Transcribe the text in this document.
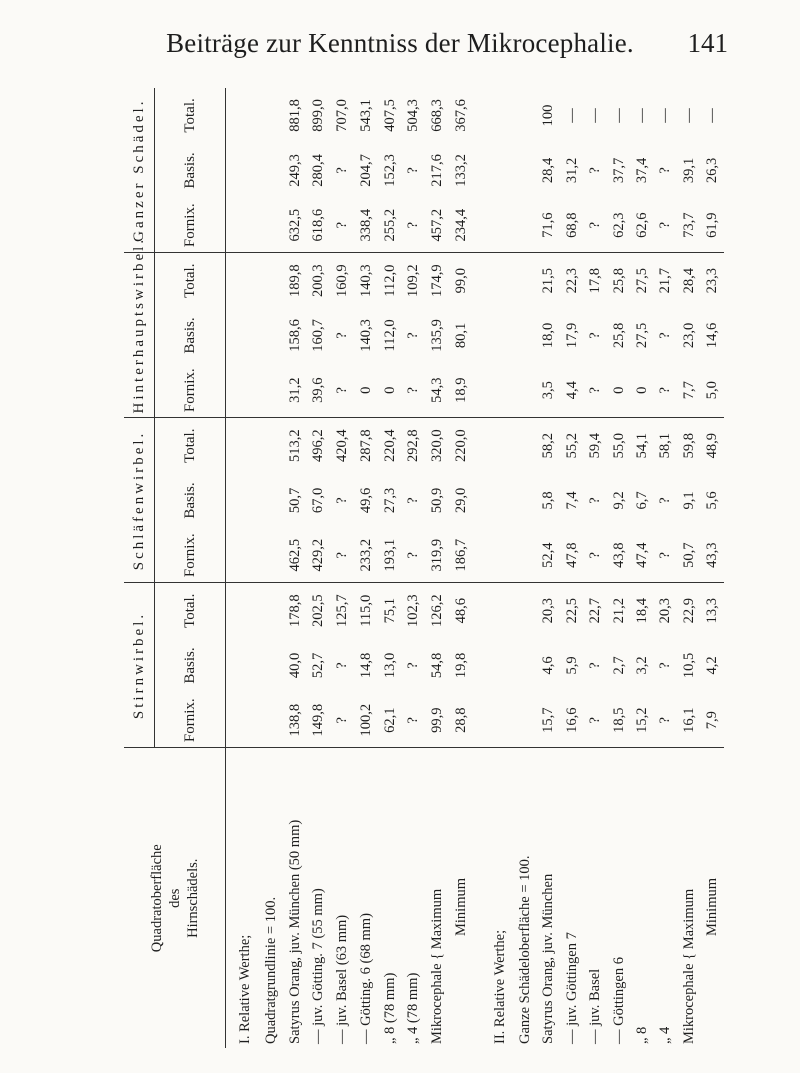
Beiträge zur Kenntniss der Mikrocephalie.	141
Quadratoberfläche des Hirnschädels.	Stirnwirbel.			Schläfenwirbel.			Hinterhauptswirbel.			Ganzer Schädel.		
	Fornix.	Basis.	Total.	Fornix.	Basis.	Total.	Fornix.	Basis.	Total.	Fornix.	Basis.	Total.
I. Relative Werthe;												
Quadratgrundlinie = 100.												
Satyrus Orang, juv. München (50 mm)	138,8	40,0	178,8	462,5	50,7	513,2	31,2	158,6	189,8	632,5	249,3	881,8
— juv. Götting. 7 (55 mm)	149,8	52,7	202,5	429,2	67,0	496,2	39,6	160,7	200,3	618,6	280,4	899,0
— juv. Basel (63 mm)	?	?	125,7	?	?	420,4	?	?	160,9	?	?	707,0
— Götting. 6 (68 mm)	100,2	14,8	115,0	233,2	49,6	287,8	0	140,3	140,3	338,4	204,7	543,1
„ 8 (78 mm)	62,1	13,0	75,1	193,1	27,3	220,4	0	112,0	112,0	255,2	152,3	407,5
„ 4 (78 mm)	?	?	102,3	?	?	292,8	?	?	109,2	?	?	504,3
Mikrocephale { Maximum	99,9	54,8	126,2	319,9	50,9	320,0	54,3	135,9	174,9	457,2	217,6	668,3
Minimum	28,8	19,8	48,6	186,7	29,0	220,0	18,9	80,1	99,0	234,4	133,2	367,6

II. Relative Werthe;												
Ganze Schädeloberfläche = 100.												
Satyrus Orang, juv. München	15,7	4,6	20,3	52,4	5,8	58,2	3,5	18,0	21,5	71,6	28,4	100
— juv. Göttingen 7	16,6	5,9	22,5	47,8	7,4	55,2	4,4	17,9	22,3	68,8	31,2	—
— juv. Basel	?	?	22,7	?	?	59,4	?	?	17,8	?	?	—
— Göttingen 6	18,5	2,7	21,2	43,8	9,2	55,0	0	25,8	25,8	62,3	37,7	—
„ 8	15,2	3,2	18,4	47,4	6,7	54,1	0	27,5	27,5	62,6	37,4	—
„ 4	?	?	20,3	?	?	58,1	?	?	21,7	?	?	—
Mikrocephale { Maximum	16,1	10,5	22,9	50,7	9,1	59,8	7,7	23,0	28,4	73,7	39,1	—
Minimum	7,9	4,2	13,3	43,3	5,6	48,9	5,0	14,6	23,3	61,9	26,3	—
